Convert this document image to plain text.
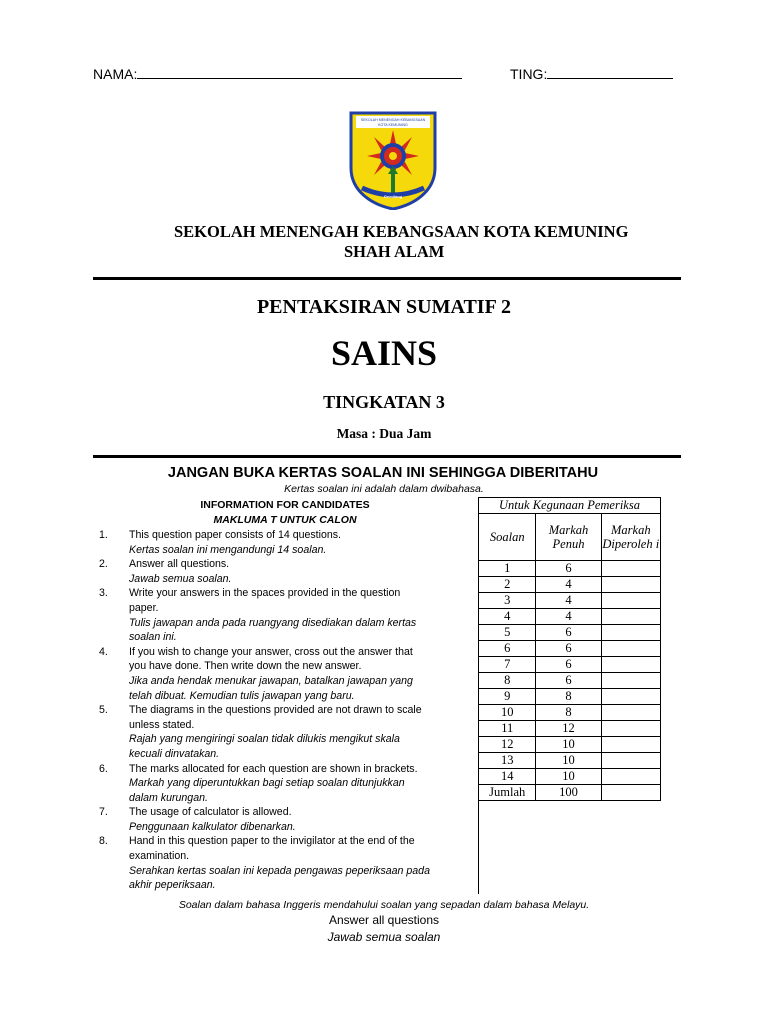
NAMA:	TING:
SEKOLAH MENENGAH KEBANGSAAN
KOTA KEMUNING
Gemilang
SEKOLAH MENENGAH KEBANGSAAN KOTA KEMUNING
SHAH ALAM
PENTAKSIRAN SUMATIF 2
SAINS
TINGKATAN 3
Masa : Dua Jam
JANGAN BUKA KERTAS SOALAN INI SEHINGGA DIBERITAHU
Kertas soalan ini adalah dalam dwibahasa.
INFORMATION FOR CANDIDATES
MAKLUMA T UNTUK CALON
1.	This question paper consists of 14 questions.
Kertas soalan ini mengandungi 14 soalan.
2.	Answer all questions.
Jawab semua soalan.
3.	Write your answers in the spaces provided in the question
paper.
Tulis jawapan anda pada ruangyang disediakan dalam kertas
soalan ini.
4.	If you wish to change your answer, cross out the answer that
you have done. Then write down the new answer.
Jika anda hendak menukar jawapan, batalkan jawapan yang
telah dibuat. Kemudian tulis jawapan yang baru.
5.	The diagrams in the questions provided are not drawn to scale
unless stated.
Rajah yang mengiringi soalan tidak dilukis mengikut skala
kecuali dinvatakan.
6.	The marks allocated for each question are shown in brackets.
Markah yang diperuntukkan bagi setiap soalan ditunjukkan
dalam kurungan.
7.	The usage of calculator is allowed.
Penggunaan kalkulator dibenarkan.
8.	Hand in this question paper to the invigilator at the end of the
examination.
Serahkan kertas soalan ini kepada pengawas peperiksaan pada
akhir peperiksaan.
Untuk Kegunaan Pemeriksa		
Soalan	Markah Penuh	Markah Diperoleh i
1	6	
2	4	
3	4	
4	4	
5	6	
6	6	
7	6	
8	6	
9	8	
10	8	
11	12	
12	10	
13	10	
14	10	
Jumlah	100	
Soalan dalam bahasa Inggeris mendahului soalan yang sepadan dalam bahasa Melayu.
Answer all questions
Jawab semua soalan
